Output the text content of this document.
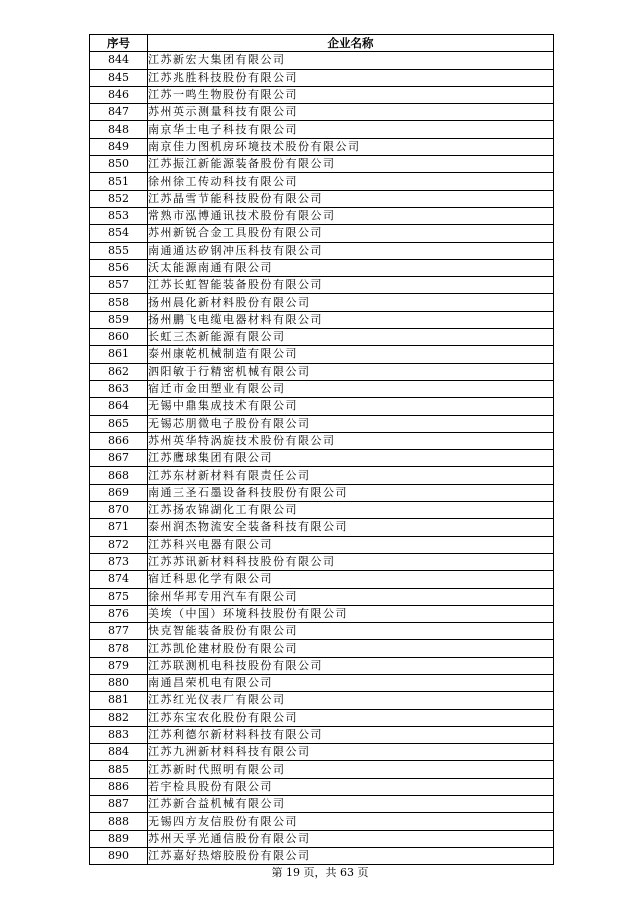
序号	企业名称
844	江苏新宏大集团有限公司
845	江苏兆胜科技股份有限公司
846	江苏一鸣生物股份有限公司
847	苏州英示测量科技有限公司
848	南京华士电子科技有限公司
849	南京佳力图机房环境技术股份有限公司
850	江苏振江新能源装备股份有限公司
851	徐州徐工传动科技有限公司
852	江苏晶雪节能科技股份有限公司
853	常熟市泓博通讯技术股份有限公司
854	苏州新锐合金工具股份有限公司
855	南通通达矽钢冲压科技有限公司
856	沃太能源南通有限公司
857	江苏长虹智能装备股份有限公司
858	扬州晨化新材料股份有限公司
859	扬州鹏飞电缆电器材料有限公司
860	长虹三杰新能源有限公司
861	泰州康乾机械制造有限公司
862	泗阳敏于行精密机械有限公司
863	宿迁市金田塑业有限公司
864	无锡中鼎集成技术有限公司
865	无锡芯朋微电子股份有限公司
866	苏州英华特涡旋技术股份有限公司
867	江苏鹰球集团有限公司
868	江苏东材新材料有限责任公司
869	南通三圣石墨设备科技股份有限公司
870	江苏扬农锦湖化工有限公司
871	泰州润杰物流安全装备科技有限公司
872	江苏科兴电器有限公司
873	江苏苏讯新材料科技股份有限公司
874	宿迁科思化学有限公司
875	徐州华邦专用汽车有限公司
876	美埃（中国）环境科技股份有限公司
877	快克智能装备股份有限公司
878	江苏凯伦建材股份有限公司
879	江苏联测机电科技股份有限公司
880	南通昌荣机电有限公司
881	江苏红光仪表厂有限公司
882	江苏东宝农化股份有限公司
883	江苏利德尔新材料科技有限公司
884	江苏九洲新材料科技有限公司
885	江苏新时代照明有限公司
886	若宇检具股份有限公司
887	江苏新合益机械有限公司
888	无锡四方友信股份有限公司
889	苏州天孚光通信股份有限公司
890	江苏嘉好热熔胶股份有限公司
第 19 页，共 63 页
